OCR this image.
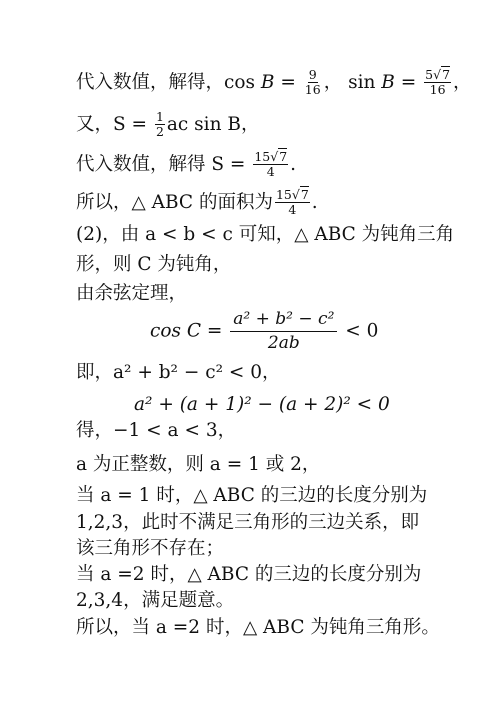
代入数值，解得，$\cos B = \frac{9}{16}$ ， $\sin B = \frac{5√7}{16}$ ，
又，$S = \frac{1}{2}$ ac sin B，
代入数值，解得 $S = \frac{15√7}{4}$ .
所以，△ ABC 的面积为 $\frac{15√7}{4}$ .
(2)，由 a < b < c 可知，△ ABC 为钝角三角
形，则 C 为钝角，
由余弦定理，
$\cos C = \frac{\text{a² + b² − c²}}{2ab} < 0$
即，a² + b² − c² < 0，
a² + (a + 1)² − (a + 2)² < 0
得，−1 < a < 3，
a 为正整数，则 a = 1 或 2，
当 a = 1 时，△ ABC 的三边的长度分别为
1,2,3，此时不满足三角形的三边关系，即
该三角形不存在；
当 a =2 时，△ ABC 的三边的长度分别为
2,3,4，满足题意。
所以，当 a =2 时，△ ABC 为钝角三角形。
